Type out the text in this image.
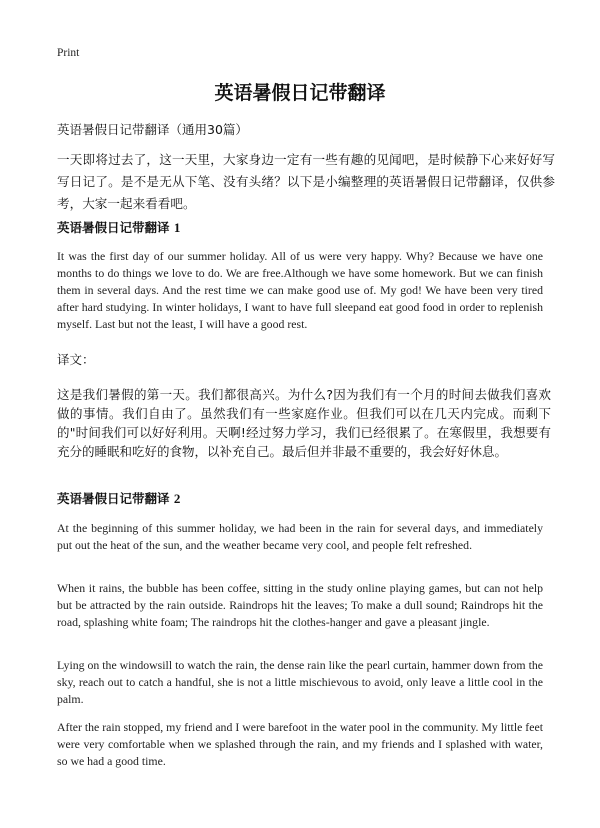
Print
英语暑假日记带翻译
英语暑假日记带翻译（通用30篇）

一天即将过去了，这一天里，大家身边一定有一些有趣的见闻吧，是时候静下心来好好写写日记了。是不是无从下笔、没有头绪？以下是小编整理的英语暑假日记带翻译，仅供参考，大家一起来看看吧。

英语暑假日记带翻译 1

It was the first day of our summer holiday. All of us were very happy. Why? Because we have one months to do things we love to do. We are free.Although we have some homework. But we can finish them in several days. And the rest time we can make good use of. My god! We have been very tired after hard studying. In winter holidays, I want to have full sleepand eat good food in order to replenish myself. Last but not the least, I will have a good rest.

译文：

这是我们暑假的第一天。我们都很高兴。为什么?因为我们有一个月的时间去做我们喜欢做的事情。我们自由了。虽然我们有一些家庭作业。但我们可以在几天内完成。而剩下的"时间我们可以好好利用。天啊!经过努力学习，我们已经很累了。在寒假里，我想要有充分的睡眠和吃好的食物，以补充自己。最后但并非最不重要的，我会好好休息。

英语暑假日记带翻译 2

At the beginning of this summer holiday, we had been in the rain for several days, and immediately put out the heat of the sun, and the weather became very cool, and people felt refreshed.

When it rains, the bubble has been coffee, sitting in the study online playing games, but can not help but be attracted by the rain outside. Raindrops hit the leaves; To make a dull sound; Raindrops hit the road, splashing white foam; The raindrops hit the clothes-hanger and gave a pleasant jingle.

Lying on the windowsill to watch the rain, the dense rain like the pearl curtain, hammer down from the sky, reach out to catch a handful, she is not a little mischievous to avoid, only leave a little cool in the palm.

After the rain stopped, my friend and I were barefoot in the water pool in the community. My little feet were very comfortable when we splashed through the rain, and my friends and I splashed with water, so we had a good time.
